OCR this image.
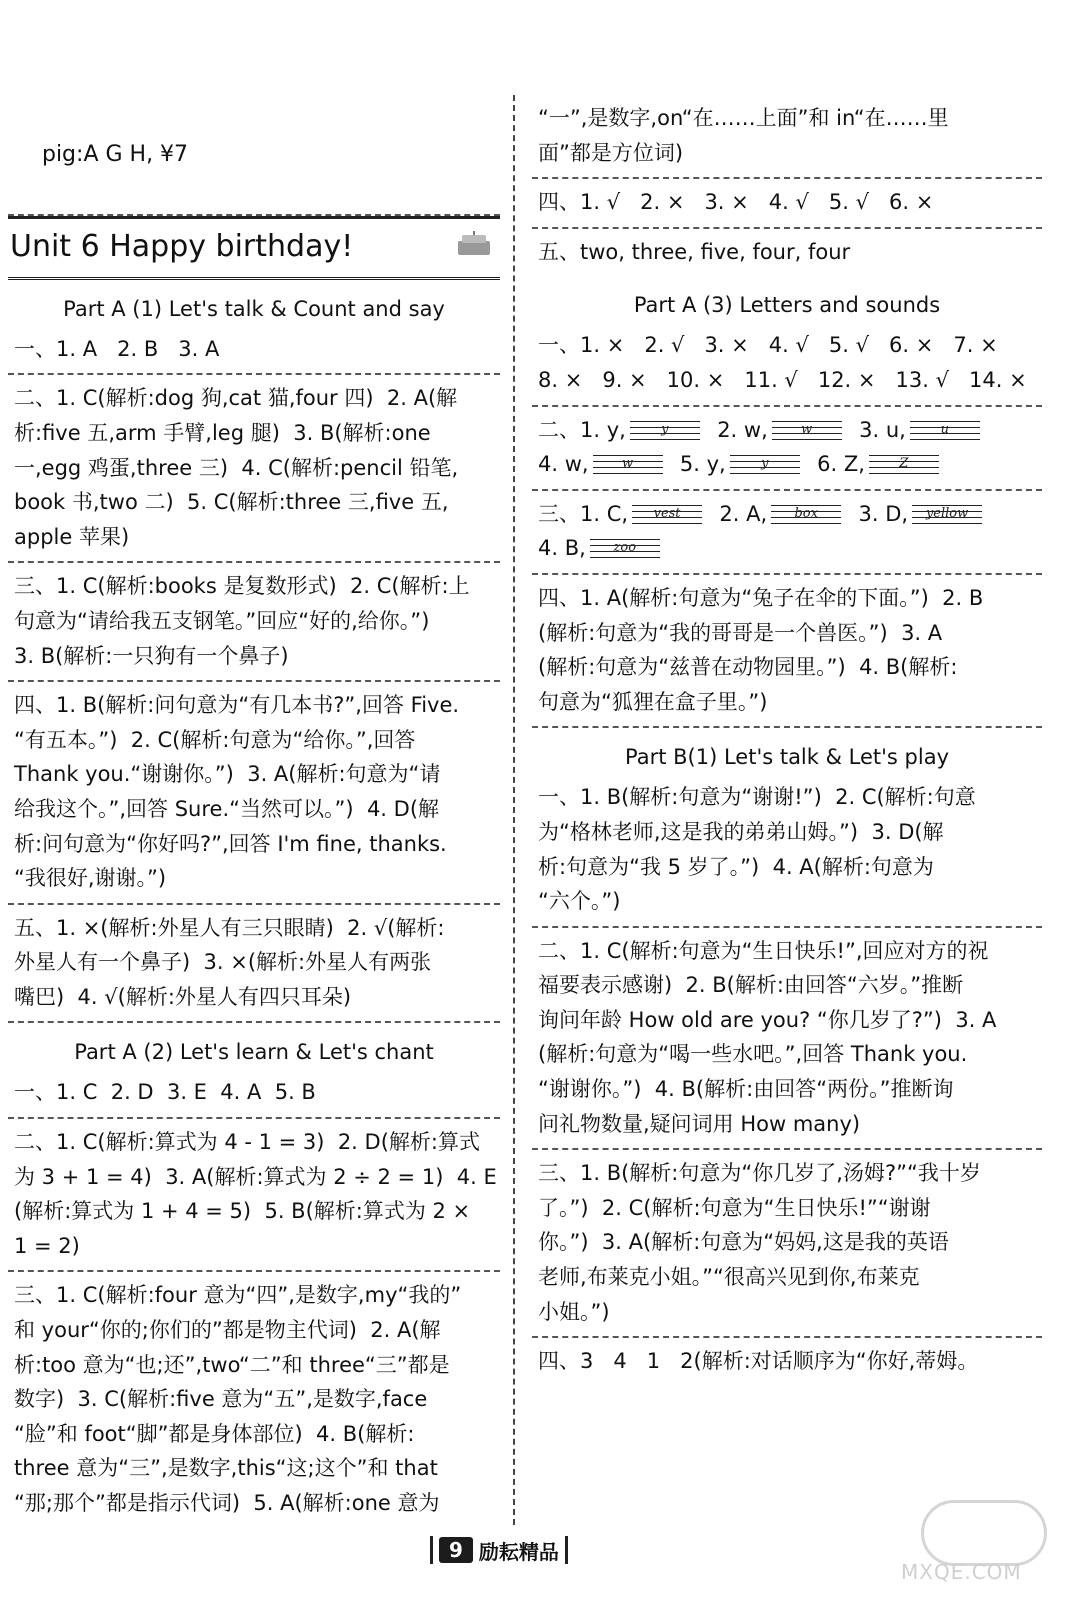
pig:A G H, ¥7

Unit 6 Happy birthday!
Part A (1) Let's talk & Count and say
一、1. A   2. B   3. A
二、1. C(解析:dog 狗,cat 猫,four 四)  2. A(解
析:five 五,arm 手臂,leg 腿)  3. B(解析:one
一,egg 鸡蛋,three 三)  4. C(解析:pencil 铅笔,
book 书,two 二)  5. C(解析:three 三,five 五,
apple 苹果)
三、1. C(解析:books 是复数形式)  2. C(解析:上
句意为“请给我五支钢笔。”回应“好的,给你。”)
3. B(解析:一只狗有一个鼻子)
四、1. B(解析:问句意为“有几本书?”,回答 Five.
“有五本。”)  2. C(解析:句意为“给你。”,回答
Thank you.“谢谢你。”)  3. A(解析:句意为“请
给我这个。”,回答 Sure.“当然可以。”)  4. D(解
析:问句意为“你好吗?”,回答 I'm fine, thanks.
“我很好,谢谢。”)
五、1. ×(解析:外星人有三只眼睛)  2. √(解析:
外星人有一个鼻子)  3. ×(解析:外星人有两张
嘴巴)  4. √(解析:外星人有四只耳朵)
Part A (2) Let's learn & Let's chant
一、1. C  2. D  3. E  4. A  5. B
二、1. C(解析:算式为 4 - 1 = 3)  2. D(解析:算式
为 3 + 1 = 4)  3. A(解析:算式为 2 ÷ 2 = 1)  4. E
(解析:算式为 1 + 4 = 5)  5. B(解析:算式为 2 ×
1 = 2)
三、1. C(解析:four 意为“四”,是数字,my“我的”
和 your“你的;你们的”都是物主代词)  2. A(解
析:too 意为“也;还”,two“二”和 three“三”都是
数字)  3. C(解析:five 意为“五”,是数字,face
“脸”和 foot“脚”都是身体部位)  4. B(解析:
three 意为“三”,是数字,this“这;这个”和 that
“那;那个”都是指示代词)  5. A(解析:one 意为
“一”,是数字,on“在……上面”和 in“在……里
面”都是方位词)
四、1. √   2. ×   3. ×   4. √   5. √   6. ×
五、two, three, five, four, four
Part A (3) Letters and sounds
一、1. ×   2. √   3. ×   4. √   5. √   6. ×   7. ×
8. ×   9. ×   10. ×   11. √   12. ×   13. √   14. ×
二、1. y,	y	2. w,	w	3. u,	u

4. w,	w	5. y,	y	6. Z,	Z

三、1. C,	vest	2. A,	box	3. D,	yellow

4. B,	zoo

四、1. A(解析:句意为“兔子在伞的下面。”)  2. B
(解析:句意为“我的哥哥是一个兽医。”)  3. A
(解析:句意为“兹普在动物园里。”)  4. B(解析:
句意为“狐狸在盒子里。”)
Part B(1) Let's talk & Let's play
一、1. B(解析:句意为“谢谢!”)  2. C(解析:句意
为“格林老师,这是我的弟弟山姆。”)  3. D(解
析:句意为“我 5 岁了。”)  4. A(解析:句意为
“六个。”)
二、1. C(解析:句意为“生日快乐!”,回应对方的祝
福要表示感谢)  2. B(解析:由回答“六岁。”推断
询问年龄 How old are you? “你几岁了?”)  3. A
(解析:句意为“喝一些水吧。”,回答 Thank you.
“谢谢你。”)  4. B(解析:由回答“两份。”推断询
问礼物数量,疑问词用 How many)
三、1. B(解析:句意为“你几岁了,汤姆?”“我十岁
了。”)  2. C(解析:句意为“生日快乐!”“谢谢
你。”)  3. A(解析:句意为“妈妈,这是我的英语
老师,布莱克小姐。”“很高兴见到你,布莱克
小姐。”)
四、3   4   1   2(解析:对话顺序为“你好,蒂姆。
9 励耘精品
MXQE.COM
